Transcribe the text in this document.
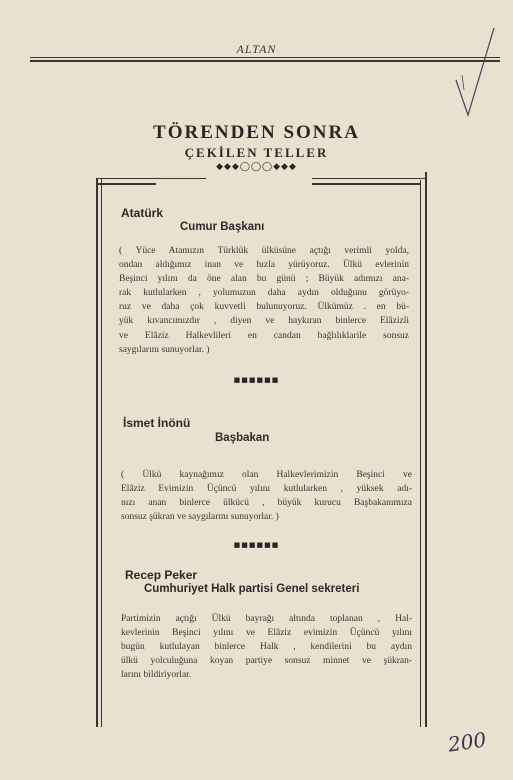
ALTAN
TÖRENDEN SONRA
ÇEKİLEN TELLER
◆◆◆◯◯◯◆◆◆
Atatürk
Cumur Başkanı
( Yüce Atamızın Türklük ülküsüne açtığı verimli yolda,
ondan aldığımız inan ve hızla yürüyoruz. Ülkü evlerinin
Beşinci yılını da öne alan bu günü ; Büyük adımızı ana-
rak kutlularken , yolumuzun daha aydın olduğunu görüyo-
ruz ve daha çok kuvvetli bulunuyoruz. Ülkümüz . en bü-
yük kıvancımızdır , diyen ve haykıran binlerce Elâzizli
ve Elâziz Halkevlileri en candan bağlılıklarile sonsuz
saygılarını sunuyorlar. )
■■■■■■
İsmet İnönü
Başbakan
( Ülkü kaynağımız olan Halkevlerimizin Beşinci ve
Elâziz Evimizin Üçüncü yılını kutlularken , yüksek adı-
nızı anan binlerce ülkücü , büyük kurucu Başbakanımıza
sonsuz şükran ve saygılarını sunuyorlar. )
■■■■■■
Recep Peker
Cumhuriyet Halk partisi Genel sekreteri
Partimizin açtığı Ülkü bayrağı altında toplanan , Hal-
kevlerinin Beşinci yılını ve Elâziz evimizin Üçüncü yılını
bugün kutlulayan binlerce Halk , kendilerini bu aydın
ülkü yolculuğuna koyan partiye sonsuz minnet ve şükran-
larını bildiriyorlar.
200
